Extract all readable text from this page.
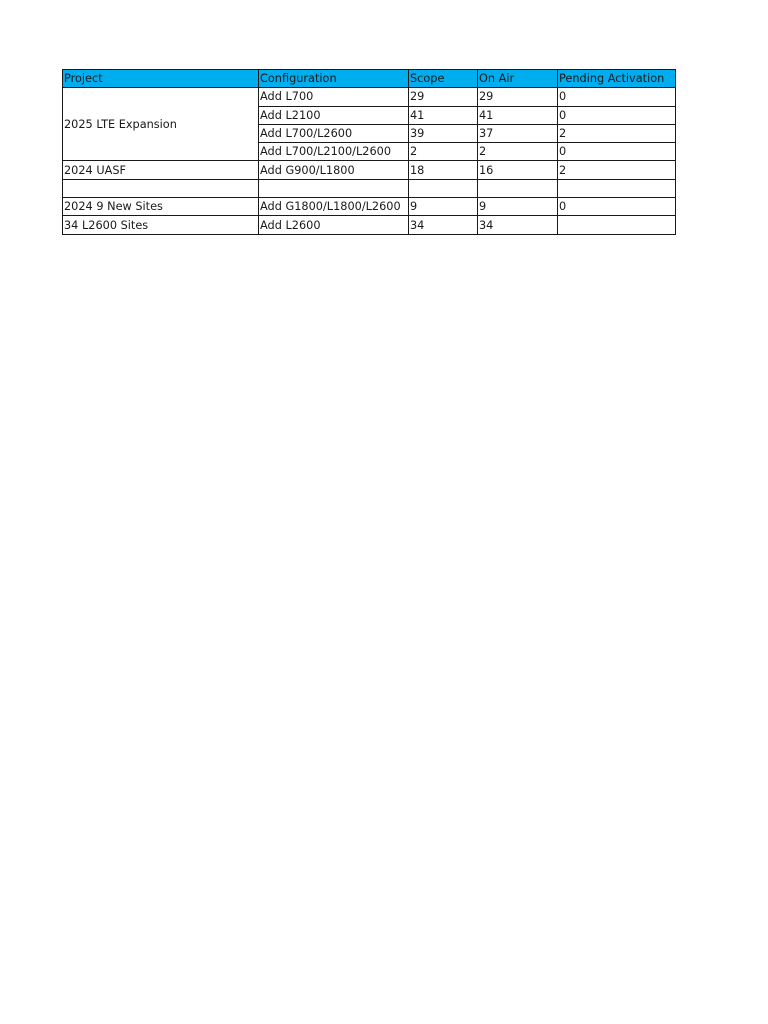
Project	Configuration	Scope	On Air	Pending Activation
2025 LTE Expansion	Add L700	29	29	0
	Add L2100	41	41	0
	Add L700/L2600	39	37	2
	Add L700/L2100/L2600	2	2	0
2024 UASF	Add G900/L1800	18	16	2

2024 9 New Sites	Add G1800/L1800/L2600	9	9	0
34 L2600 Sites	Add L2600	34	34	
